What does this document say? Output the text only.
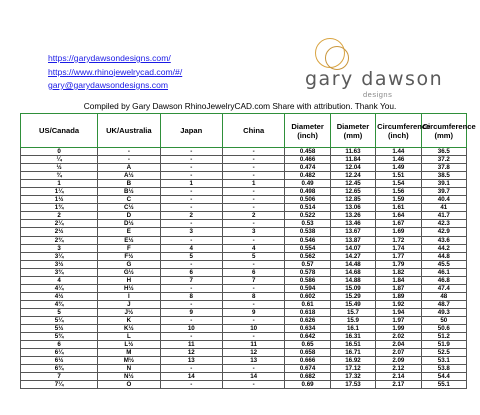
https://garydawsondesigns.com/
https://www.rhinojewelrycad.com/#/
gary@garydawsondesigns.com	gary dawson
designs
Compiled by Gary Dawson RhinoJewelryCAD.com Share with attribution. Thank You.
US/Canada	UK/Australia	Japan	China	Diameter (inch)	Diameter (mm)	Circumference (inch)	Circumference (mm)
0	-	-	-	0.458	11.63	1.44	36.5
¼	-	-	-	0.466	11.84	1.46	37.2
½	A	-	-	0.474	12.04	1.49	37.8
¾	A½	-	-	0.482	12.24	1.51	38.5
1	B	1	1	0.49	12.45	1.54	39.1
1¼	B½	-	-	0.498	12.65	1.56	39.7
1½	C	-	-	0.506	12.85	1.59	40.4
1¾	C½	-	-	0.514	13.06	1.61	41
2	D	2	2	0.522	13.26	1.64	41.7
2¼	D½	-	-	0.53	13.46	1.67	42.3
2½	E	3	3	0.538	13.67	1.69	42.9
2¾	E½	-	-	0.546	13.87	1.72	43.6
3	F	4	4	0.554	14.07	1.74	44.2
3¼	F½	5	5	0.562	14.27	1.77	44.8
3½	G	-	-	0.57	14.48	1.79	45.5
3¾	G½	6	6	0.578	14.68	1.82	46.1
4	H	7	7	0.586	14.88	1.84	46.8
4¼	H½	-	-	0.594	15.09	1.87	47.4
4½	I	8	8	0.602	15.29	1.89	48
4¾	J	-	-	0.61	15.49	1.92	48.7
5	J½	9	9	0.618	15.7	1.94	49.3
5¼	K	-	-	0.626	15.9	1.97	50
5½	K½	10	10	0.634	16.1	1.99	50.6
5¾	L	-	-	0.642	16.31	2.02	51.2
6	L½	11	11	0.65	16.51	2.04	51.9
6¼	M	12	12	0.658	16.71	2.07	52.5
6½	M½	13	13	0.666	16.92	2.09	53.1
6¾	N	-	-	0.674	17.12	2.12	53.8
7	N½	14	14	0.682	17.32	2.14	54.4
7¼	O	-	-	0.69	17.53	2.17	55.1
